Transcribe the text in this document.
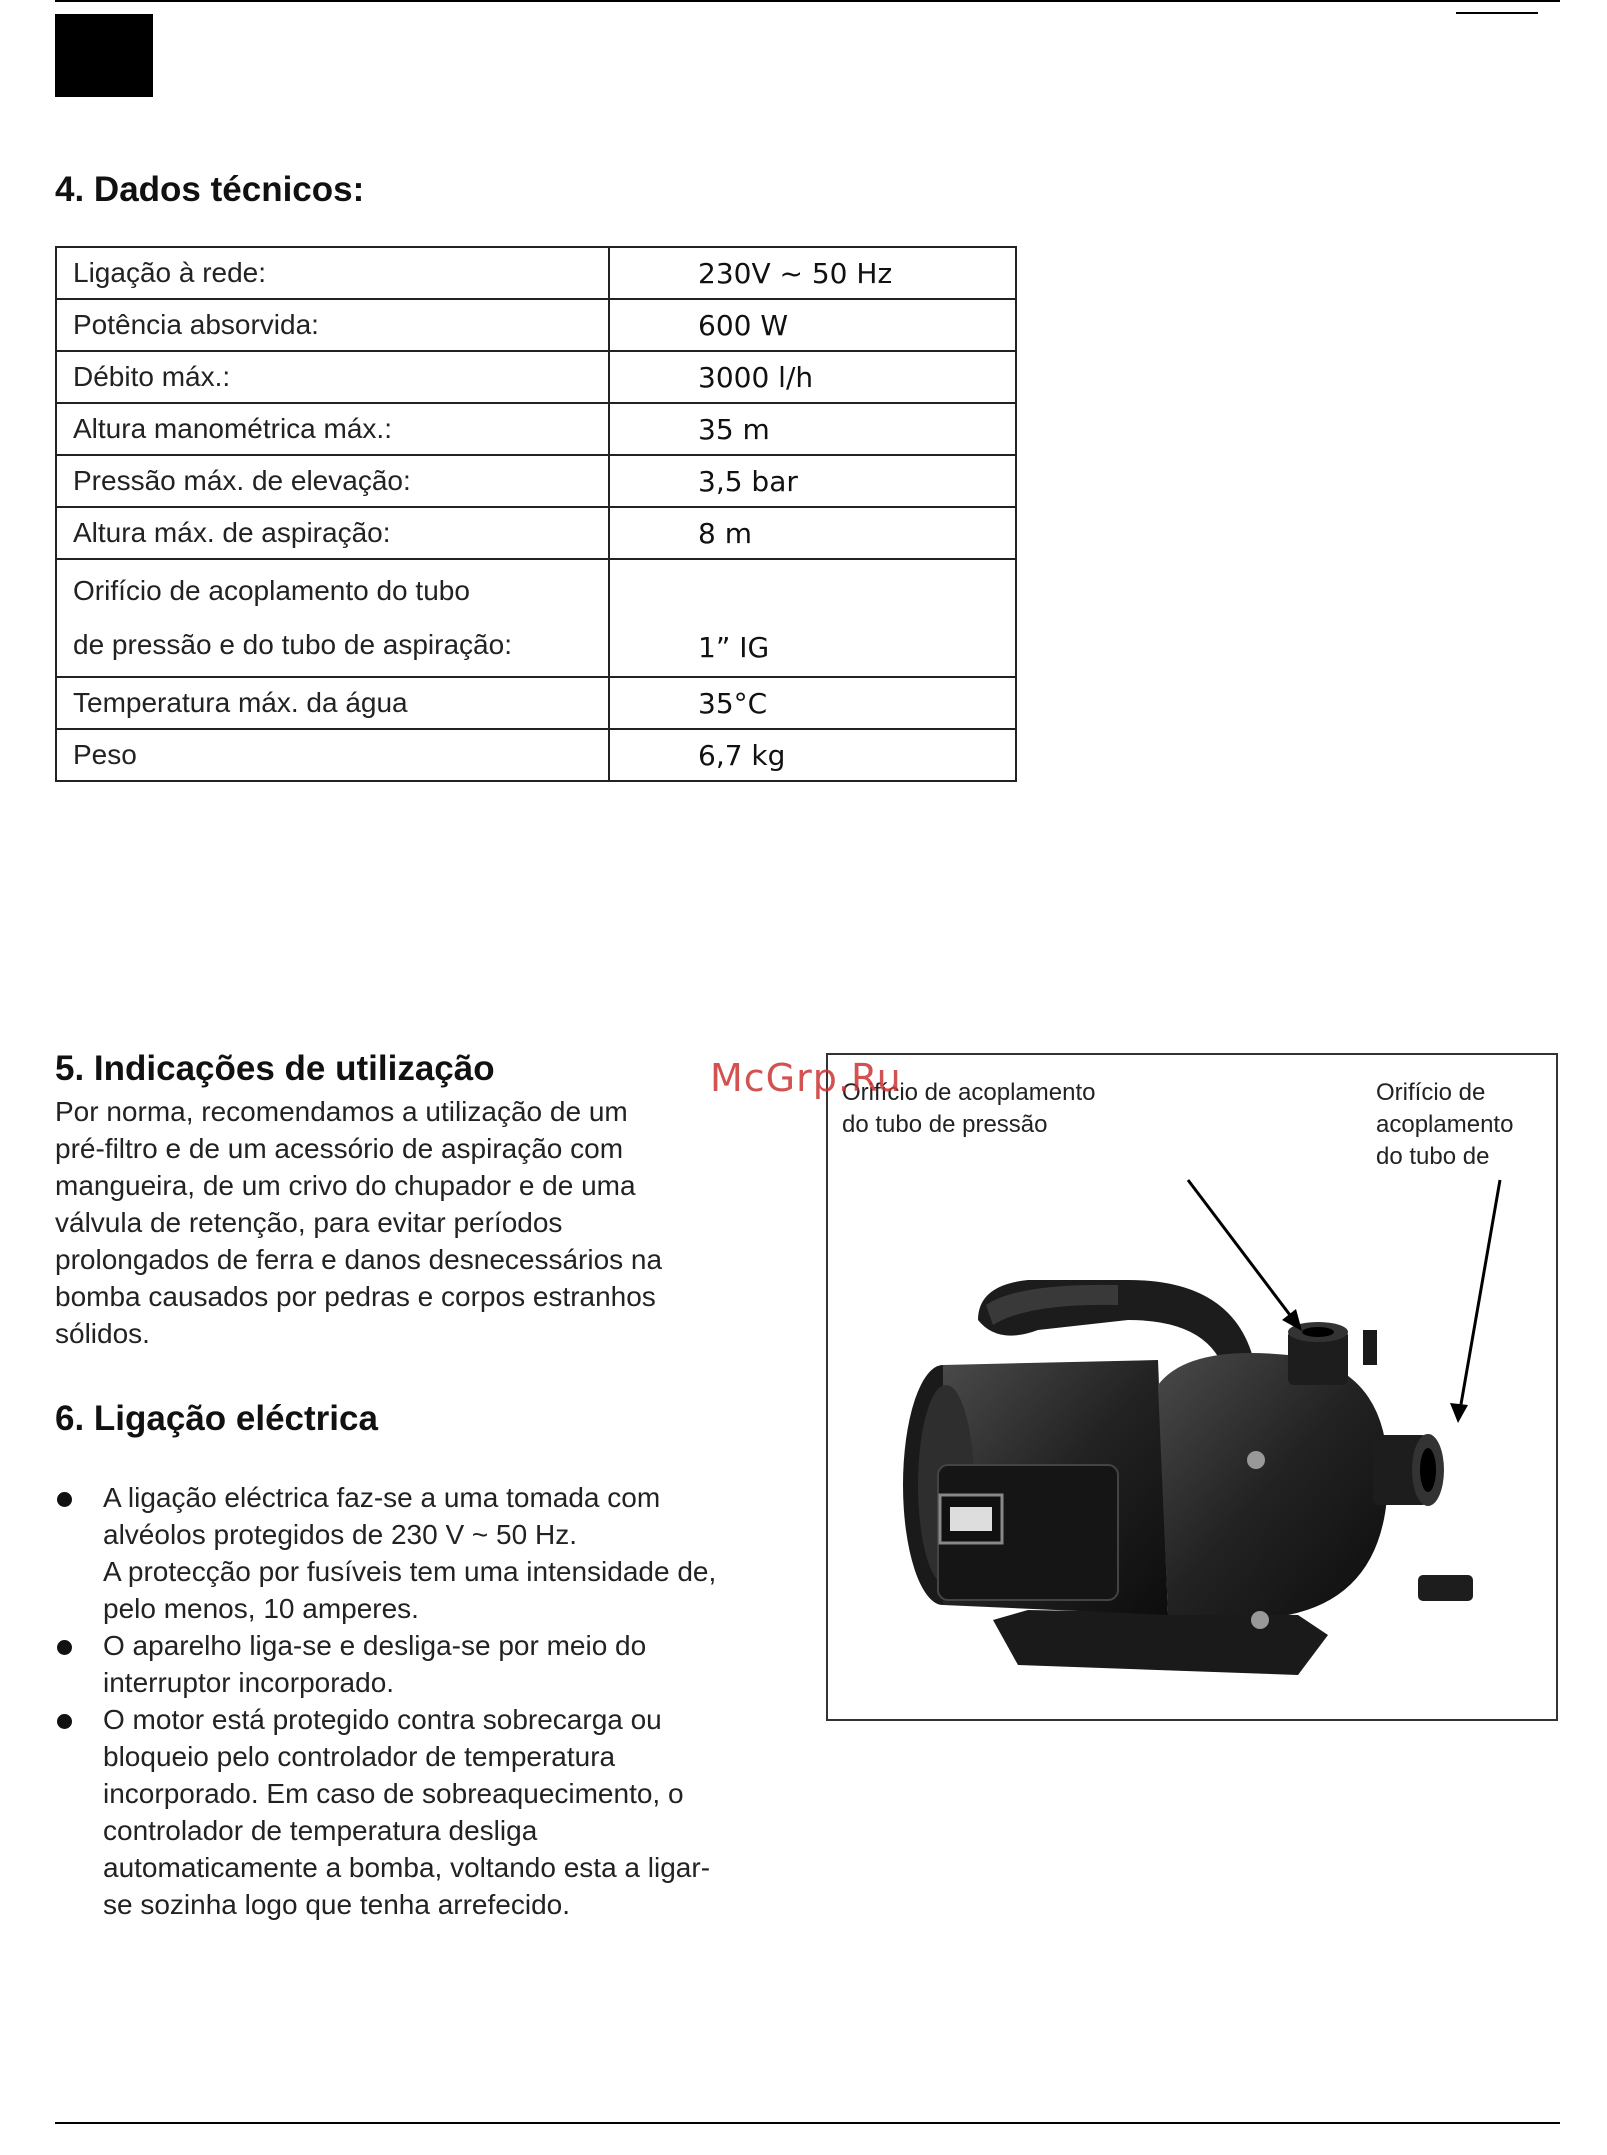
4. Dados técnicos:
Ligação à rede:	230V ~ 50 Hz
Potência absorvida:	600 W
Débito máx.:	3000 l/h
Altura manométrica máx.:	35 m
Pressão máx. de elevação:	3,5 bar
Altura máx. de aspiração:	8 m

Orifício de acoplamento do tubo
de pressão e do tubo de aspiração:	1” IG
Temperatura máx. da água	35°C
Peso	6,7 kg
5. Indicações de utilização

Por norma, recomendamos a utilização de um
pré-filtro e de um acessório de aspiração com
mangueira, de um crivo do chupador e de uma
válvula de retenção, para evitar períodos
prolongados de ferra e danos desnecessários na
bomba causados por pedras e corpos estranhos
sólidos.

6. Ligação eléctrica
A ligação eléctrica faz-se a uma tomada com
alvéolos protegidos de 230 V ~ 50 Hz.
A protecção por fusíveis tem uma intensidade de,
pelo menos, 10 amperes.
O aparelho liga-se e desliga-se por meio do
interruptor incorporado.
O motor está protegido contra sobrecarga ou
bloqueio pelo controlador de temperatura
incorporado. Em caso de sobreaquecimento, o
controlador de temperatura desliga
automaticamente a bomba, voltando esta a ligar-
se sozinha logo que tenha arrefecido.
Orifício de acoplamento
do tubo de pressão
Orifício de
acoplamento
do tubo de
McGrp.Ru
